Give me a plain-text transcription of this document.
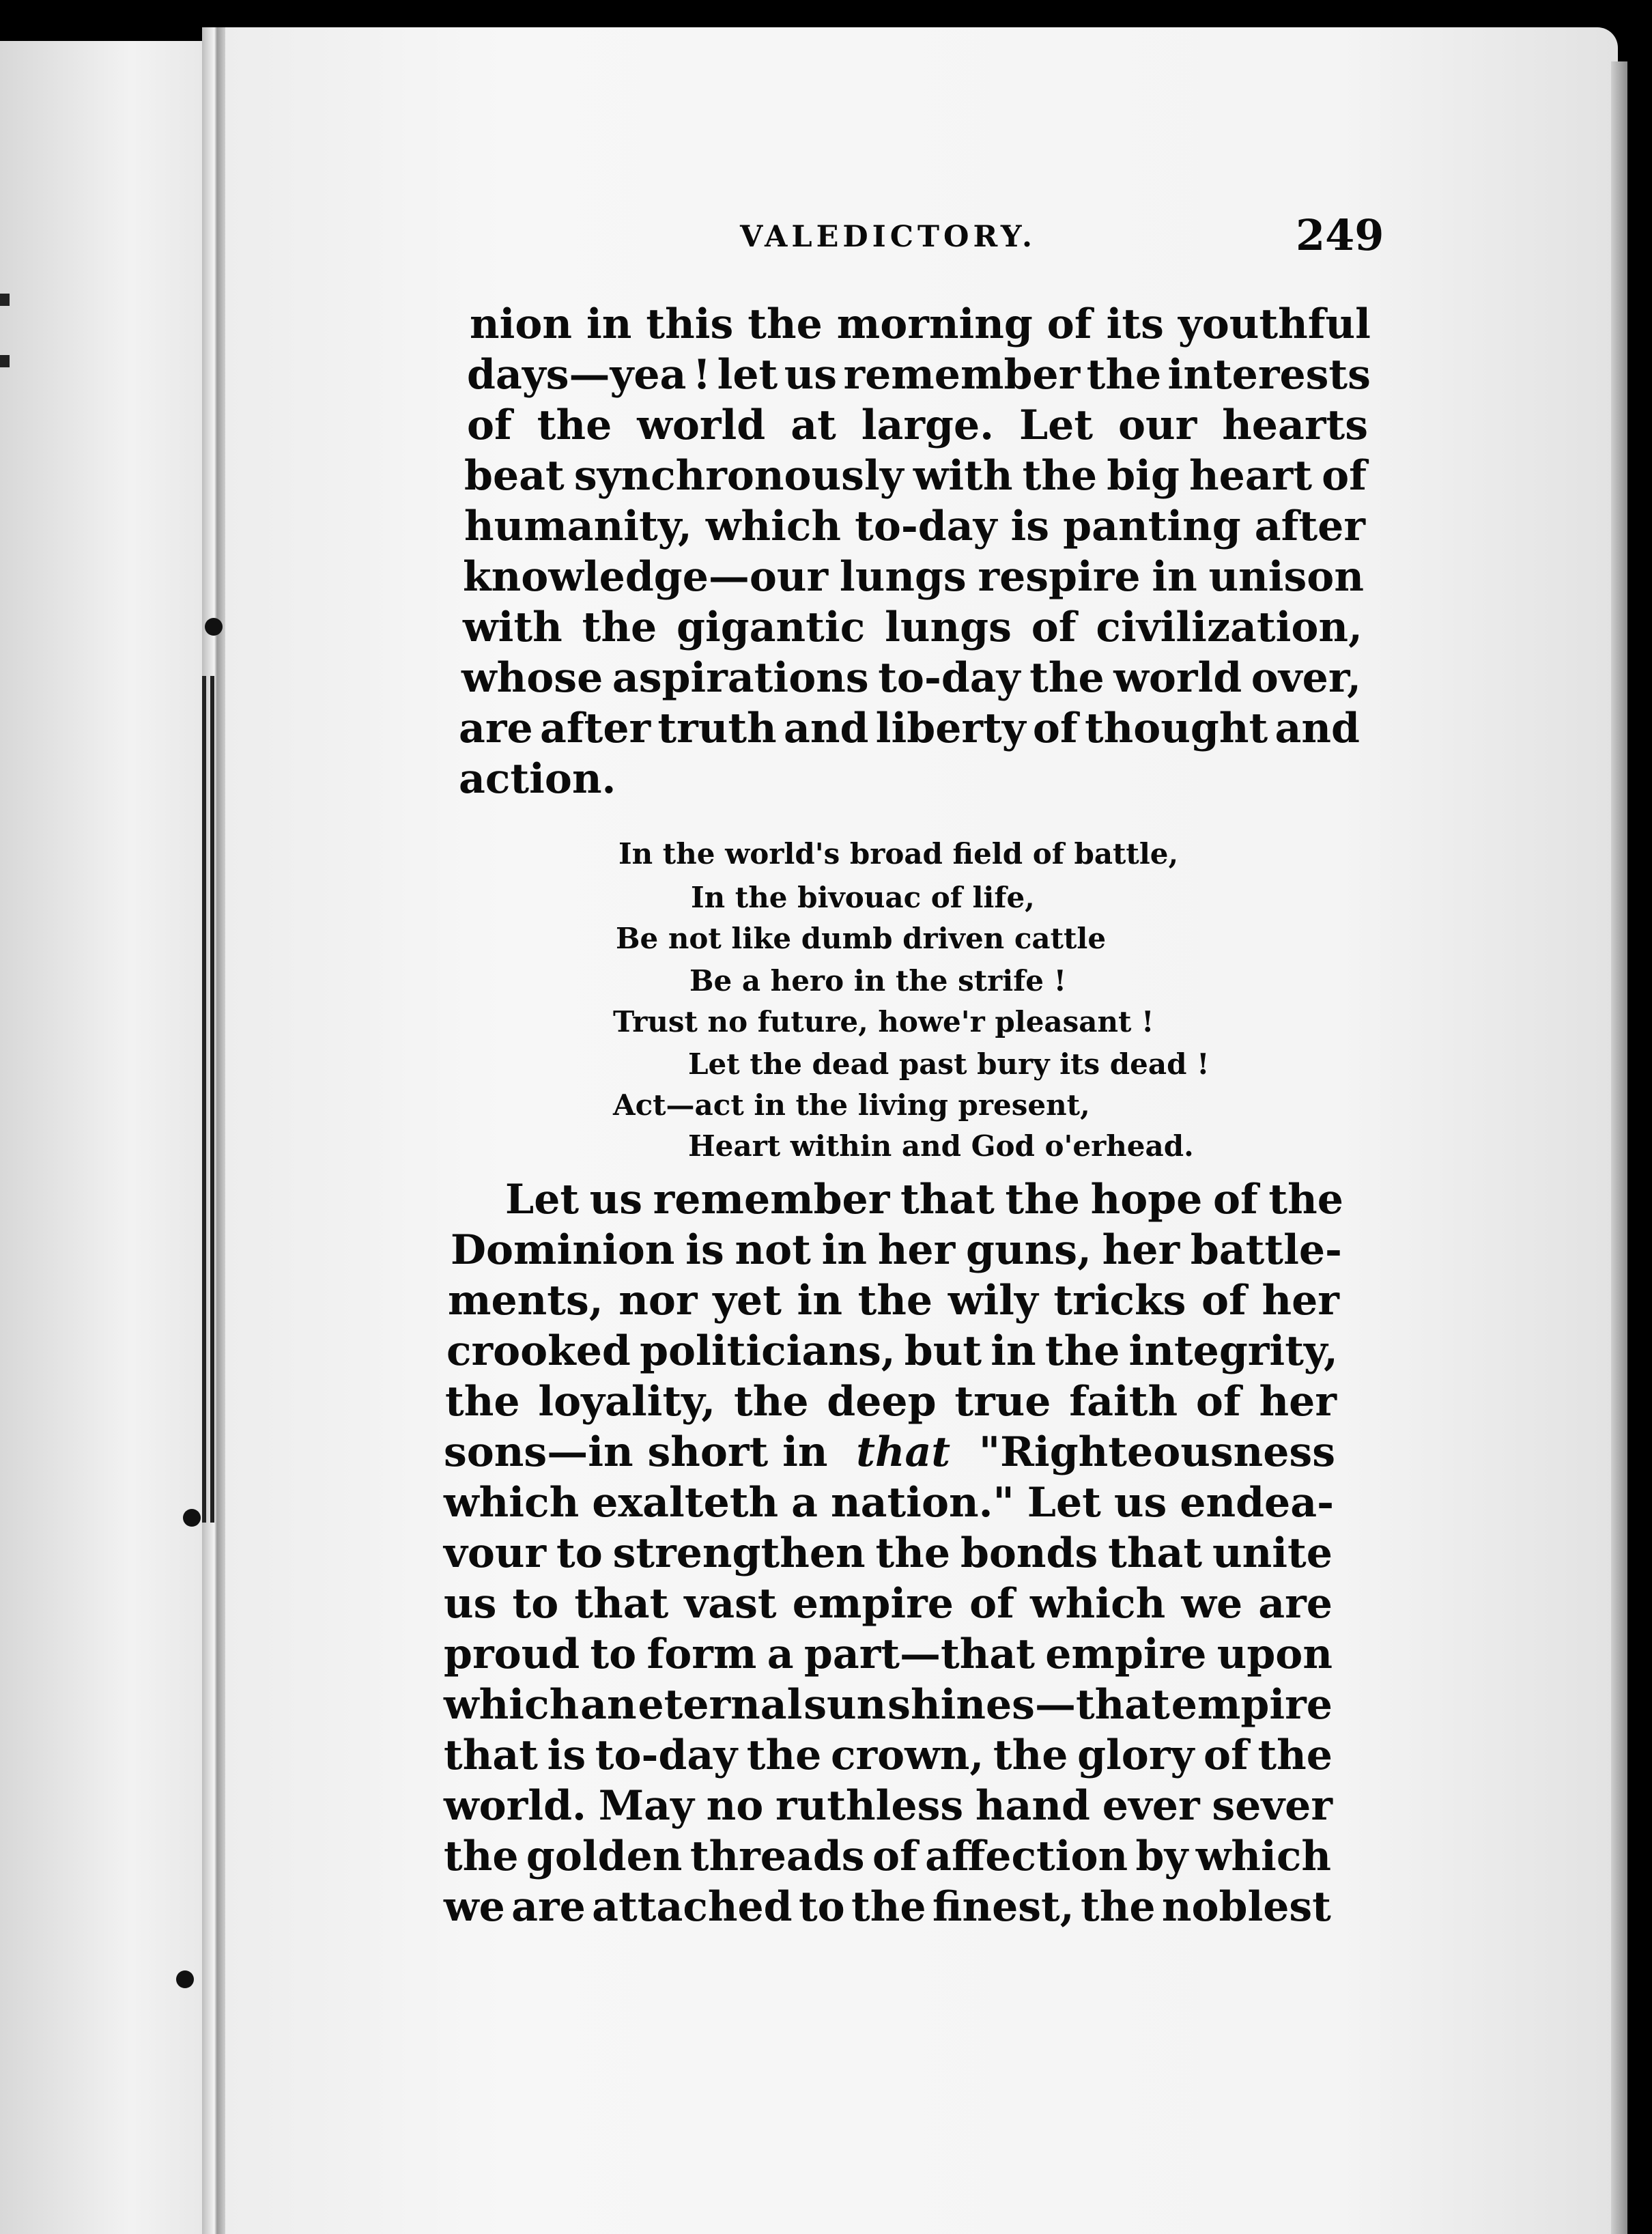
VALEDICTORY.	249
nion in this the morning of its youthful
days—yea ! let us remember the interests
of the world at large. Let our hearts
beat synchronously with the big heart of
humanity, which to-day is panting after
knowledge—our lungs respire in unison
with the gigantic lungs of civilization,
whose aspirations to-day the world over,
are after truth and liberty of thought and
action.
In the world's broad field of battle,
In the bivouac of life,
Be not like dumb driven cattle
Be a hero in the strife !
Trust no future, howe'r pleasant !
Let the dead past bury its dead !
Act—act in the living present,
Heart within and God o'erhead.
Let us remember that the hope of the
Dominion is not in her guns, her battle-
ments, nor yet in the wily tricks of her
crooked politicians, but in the integrity,
the loyality, the deep true faith of her
sons—in short in that "Righteousness
which exalteth a nation." Let us endea-
vour to strengthen the bonds that unite
us to that vast empire of which we are
proud to form a part—that empire upon
which an eternal sun shines—that empire
that is to-day the crown, the glory of the
world. May no ruthless hand ever sever
the golden threads of affection by which
we are attached to the finest, the noblest
